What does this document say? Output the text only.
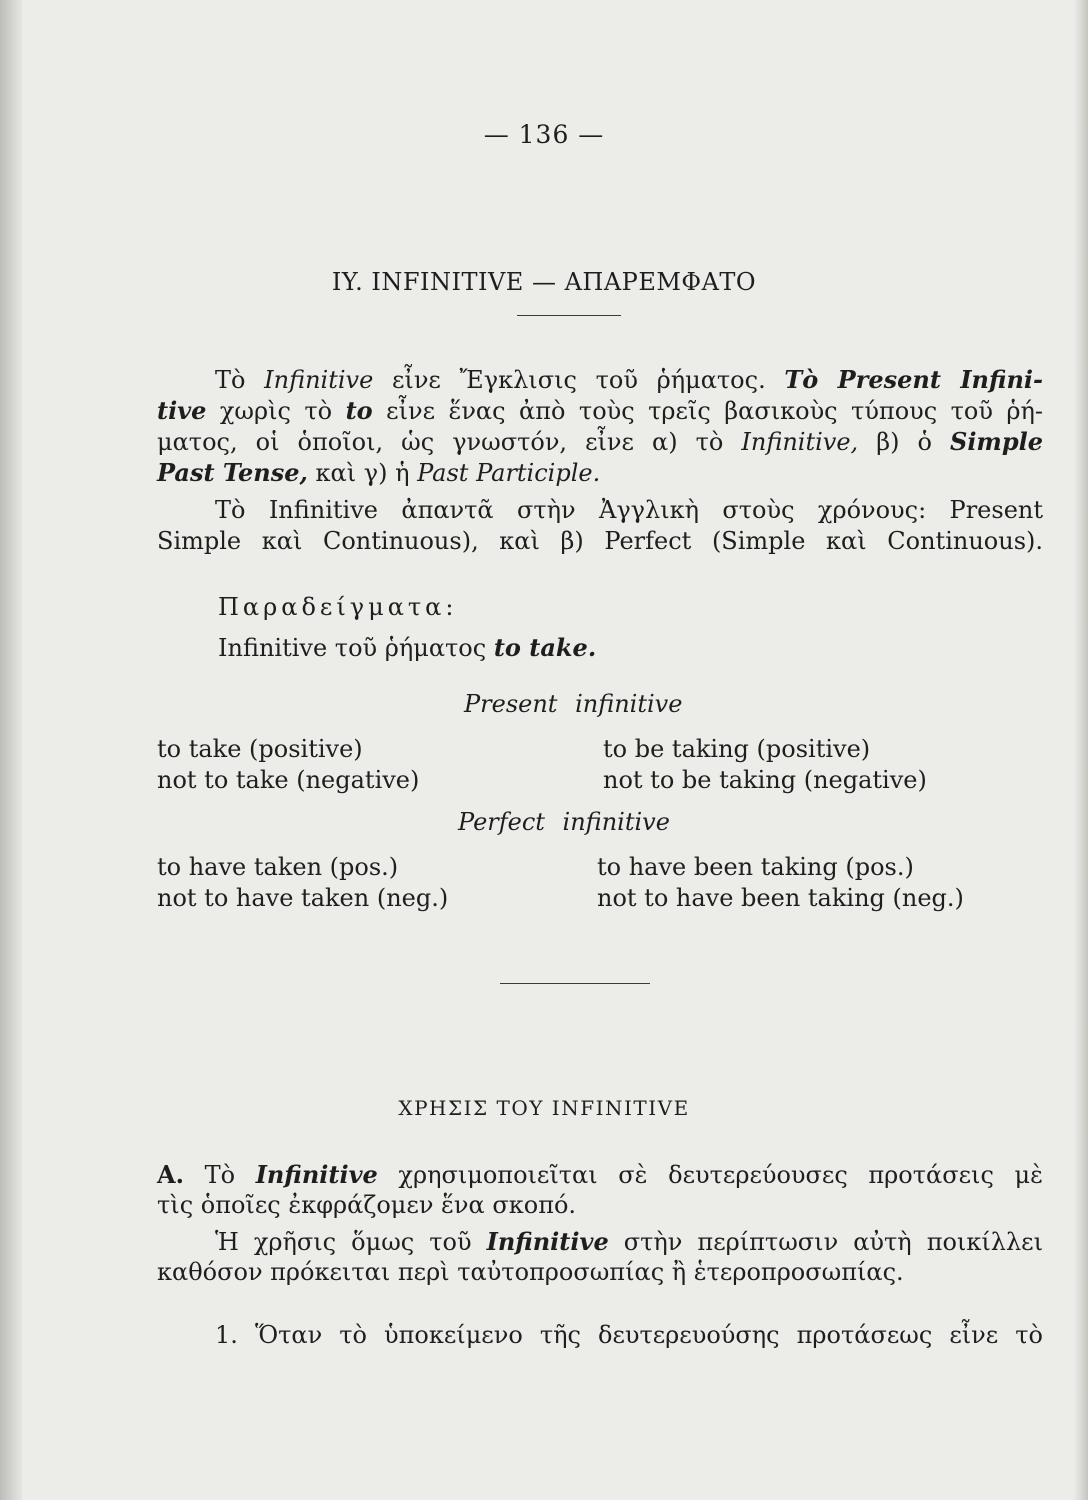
— 136 —
IY. INFINITIVE — ΑΠΑΡΕΜΦΑΤΟ
Τὸ Infinitive εἶνε Ἔγκλισις τοῦ ῥήματος. Τὸ Present Infini-
tive χωρὶς τὸ to εἶνε ἕνας ἀπὸ τοὺς τρεῖς βασικοὺς τύπους τοῦ ῥή-
ματος, οἱ ὁποῖοι, ὡς γνωστόν, εἶνε α) τὸ Infinitive, β) ὁ Simple
Past Tense, καὶ γ) ἡ Past Participle.
Τὸ Infinitive ἀπαντᾶ στὴν Ἀγγλικὴ στοὺς χρόνους: Present
Simple καὶ Continuous), καὶ β) Perfect (Simple καὶ Continuous).
Παραδείγματα:
Infinitive τοῦ ῥήματος to take.
Present infinitive
to take (positive)
not to take (negative)
to be taking (positive)
not to be taking (negative)
Perfect infinitive
to have taken (pos.)
not to have taken (neg.)
to have been taking (pos.)
not to have been taking (neg.)
ΧΡΗΣΙΣ ΤΟΥ INFINITIVE
Α. Τὸ Infinitive χρησιμοποιεῖται σὲ δευτερεύουσες προτάσεις μὲ
τὶς ὁποῖες ἐκφράζομεν ἕνα σκοπό.
Ἡ χρῆσις ὅμως τοῦ Infinitive στὴν περίπτωσιν αὐτὴ ποικίλλει
καθόσον πρόκειται περὶ ταὐτοπροσωπίας ἢ ἑτεροπροσωπίας.
1. Ὅταν τὸ ὑποκείμενο τῆς δευτερευούσης προτάσεως εἶνε τὸ
